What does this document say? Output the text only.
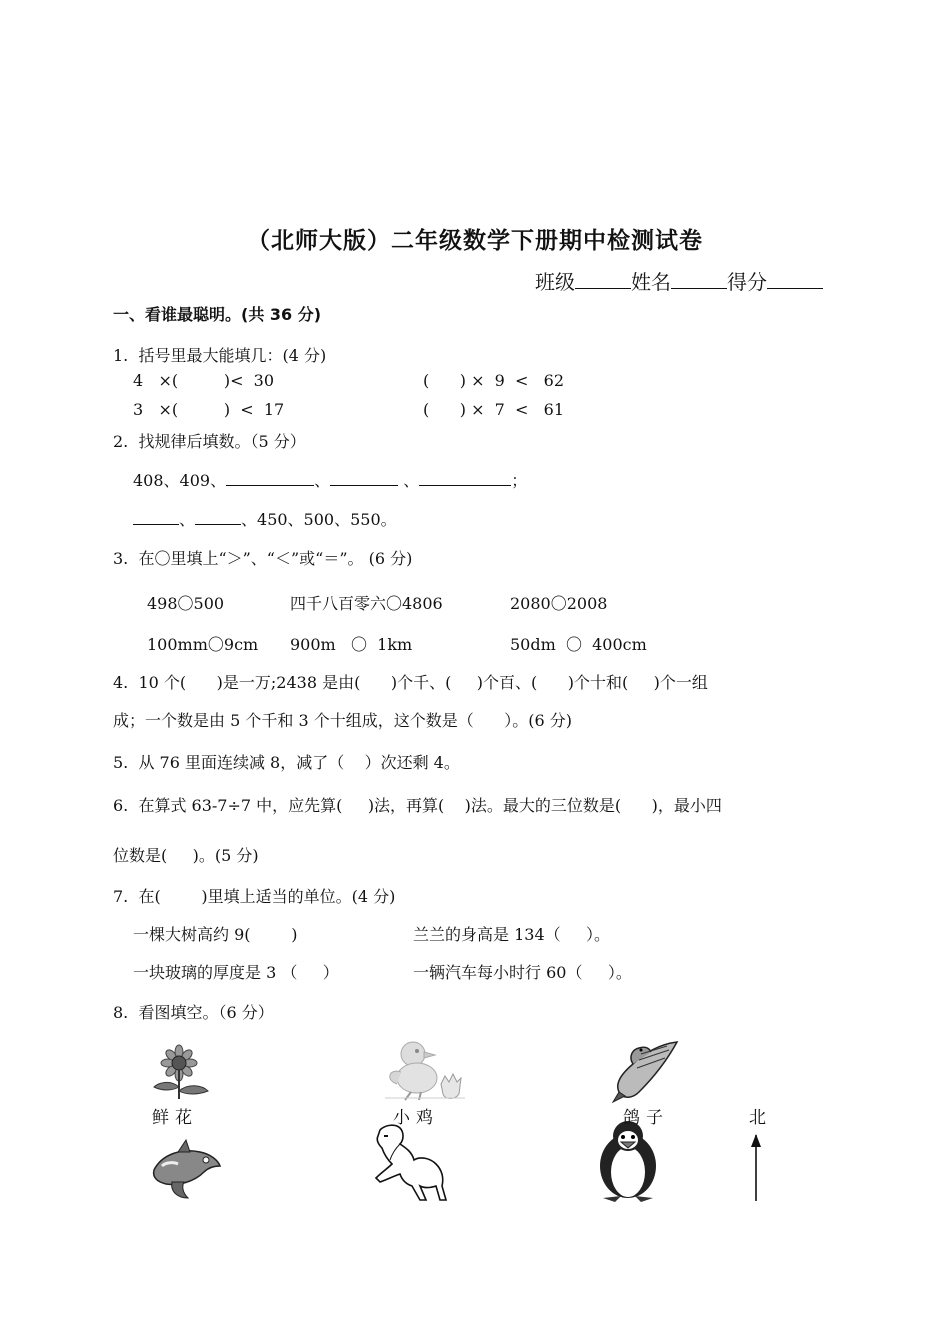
（北师大版）二年级数学下册期中检测试卷
班级	姓名	得分
一、看谁最聪明。(共 36 分)
1.  括号里最大能填几：(4 分)
4   ×(         )<  30	(      ) ×  9  <   62
3   ×(         )  <  17	(      ) ×  7  <   61
2.  找规律后填数。（5 分）
408、409、	、	、	；
、	、450、500、550。
3.  在〇里填上“＞”、“＜”或“＝”。 (6 分)
498〇500	四千八百零六〇4806	2080〇2008
100mm〇9cm 900m   〇  1km	50dm  〇  400cm
4.  10 个(      )是一万;2438 是由(      )个千、(     )个百、(      )个十和(     )个一组
成；一个数是由 5 个千和 3 个十组成，这个数是（      ）。(6 分)
5.  从 76 里面连续减 8，减了（    ）次还剩 4。
6.  在算式 63-7÷7 中，应先算(     )法，再算(    )法。最大的三位数是(      )，最小四
位数是(     )。(5 分)
7.  在(        )里填上适当的单位。(4 分)
一棵大树高约 9(        )	兰兰的身高是 134（     ）。
一块玻璃的厚度是 3 （     ）	一辆汽车每小时行 60（     ）。
8.  看图填空。（6 分）
鲜花	小鸡	鸽子	北
